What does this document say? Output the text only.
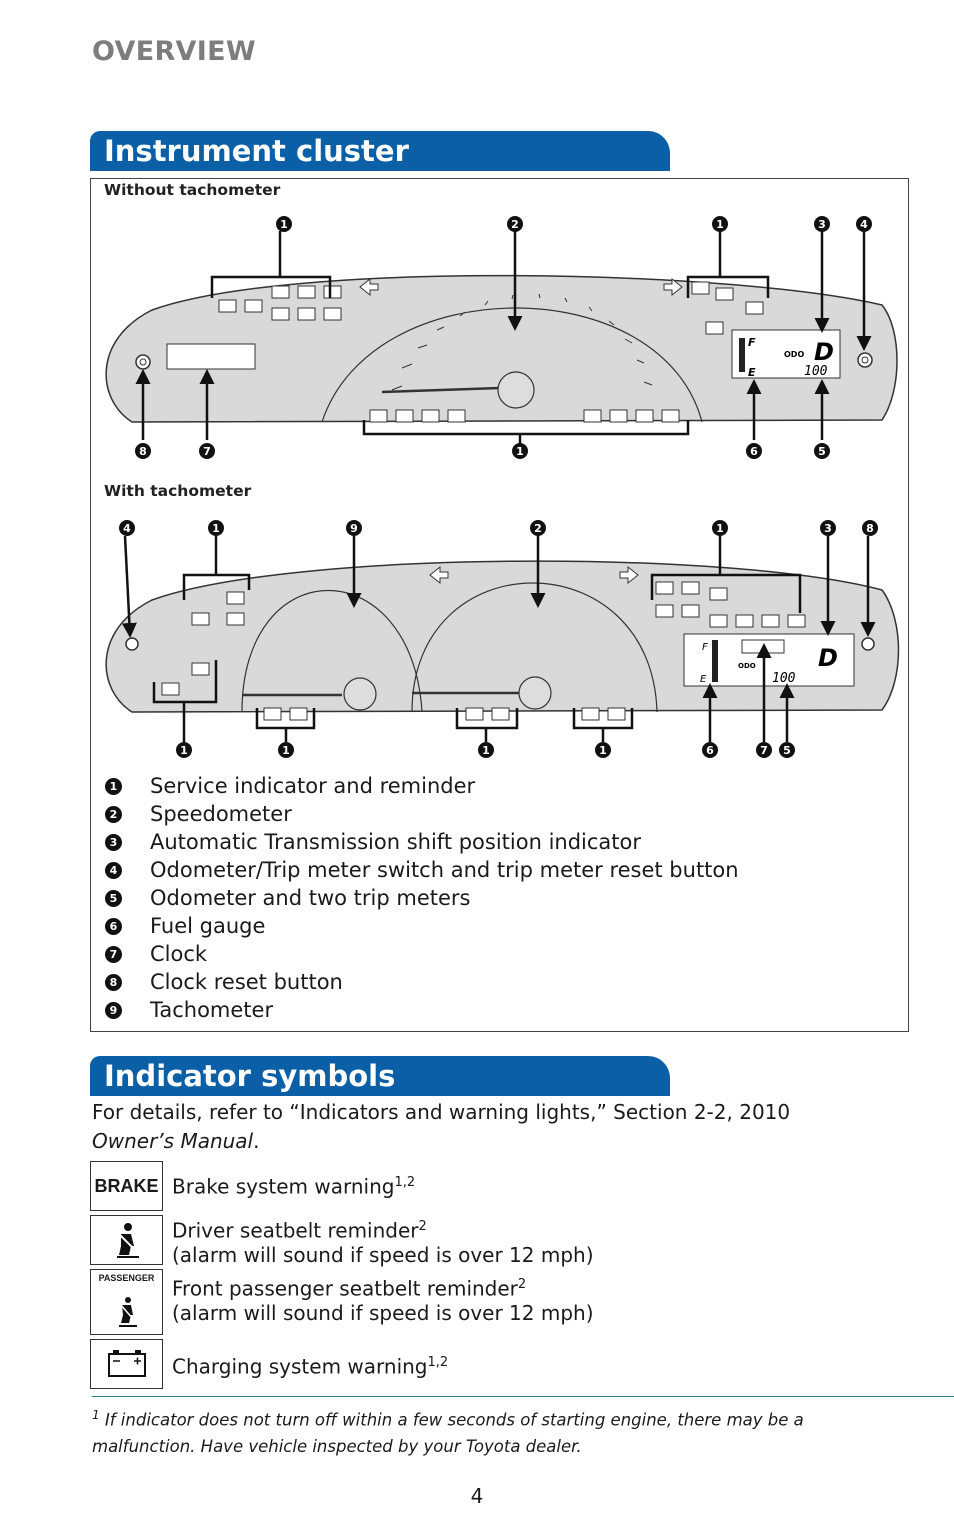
OVERVIEW
Instrument cluster
Without tachometer
With tachometer
F
E
ODO D
100
1	2	1	3	4
8	7	1	6	5
F
E
ODO	D
100
4	1	9	2	1	3	8
1	1	1	1	6	7 5
1 Service indicator and reminder
2 Speedometer
3 Automatic Transmission shift position indicator
4 Odometer/Trip meter switch and trip meter reset button
5 Odometer and two trip meters
6 Fuel gauge
7 Clock
8 Clock reset button
9 Tachometer
Indicator symbols
For details, refer to “Indicators and warning lights,” Section 2-2, 2010
Owner’s Manual.
BRAKE Brake system warning$^{1,2}$
Driver seatbelt reminder$^2$
(alarm will sound if speed is over 12 mph)
PASSENGER Front passenger seatbelt reminder$^2$
(alarm will sound if speed is over 12 mph)
Charging system warning$^{1,2}$
$^1$ If indicator does not turn off within a few seconds of starting engine, there may be a malfunction. Have vehicle inspected by your Toyota dealer.
4
